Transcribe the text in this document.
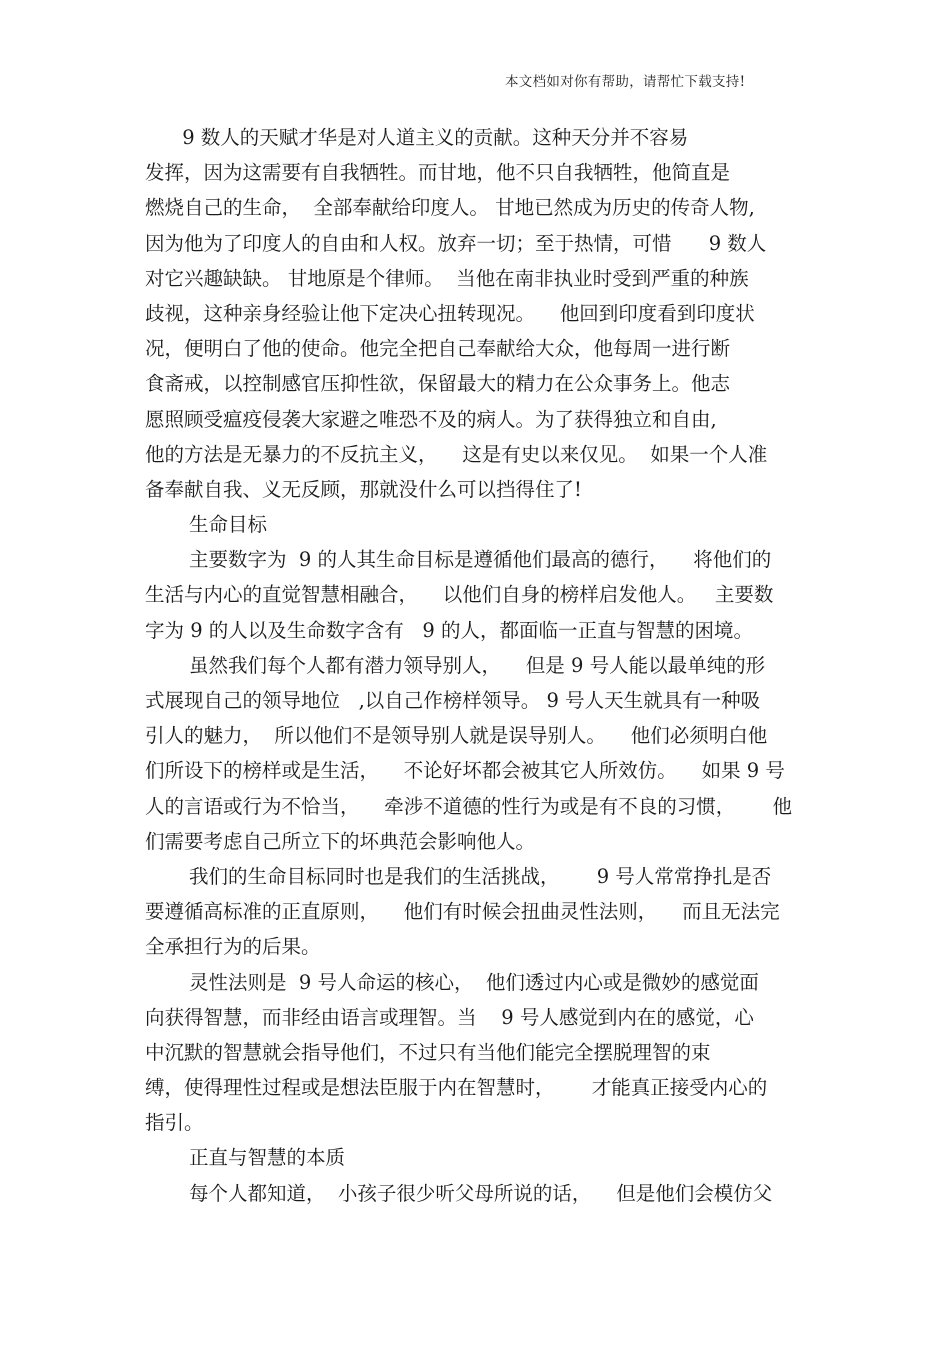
本文档如对你有帮助，请帮忙下载支持!
9 数人的天赋才华是对人道主义的贡献。这种天分并不容易
发挥，因为这需要有自我牺牲。而甘地，他不只自我牺牲，他简直是
燃烧自己的生命，  全部奉献给印度人。 甘地已然成为历史的传奇人物,
因为他为了印度人的自由和人权。放弃一切；至于热情，可惜      9 数人
对它兴趣缺缺。 甘地原是个律师。  当他在南非执业时受到严重的种族
歧视，这种亲身经验让他下定决心扭转现况。    他回到印度看到印度状
况，便明白了他的使命。他完全把自己奉献给大众，他每周一进行断
食斋戒，以控制感官压抑性欲，保留最大的精力在公众事务上。他志
愿照顾受瘟疫侵袭大家避之唯恐不及的病人。为了获得独立和自由,
他的方法是无暴力的不反抗主义，    这是有史以来仅见。  如果一个人准
备奉献自我、义无反顾，那就没什么可以挡得住了!
生命目标
主要数字为  9 的人其生命目标是遵循他们最高的德行，    将他们的
生活与内心的直觉智慧相融合，    以他们自身的榜样启发他人。   主要数
字为 9 的人以及生命数字含有   9 的人，都面临一正直与智慧的困境。
虽然我们每个人都有潜力领导别人，    但是 9 号人能以最单纯的形
式展现自己的领导地位   ,以自己作榜样领导。 9 号人天生就具有一种吸
引人的魅力，  所以他们不是领导别人就是误导别人。    他们必须明白他
们所设下的榜样或是生活，    不论好坏都会被其它人所效仿。    如果 9 号
人的言语或行为不恰当，    牵涉不道德的性行为或是有不良的习惯，      他
们需要考虑自己所立下的坏典范会影响他人。
我们的生命目标同时也是我们的生活挑战，      9 号人常常挣扎是否
要遵循高标准的正直原则，    他们有时候会扭曲灵性法则，    而且无法完
全承担行为的后果。
灵性法则是  9 号人命运的核心，  他们透过内心或是微妙的感觉面
向获得智慧，而非经由语言或理智。当    9 号人感觉到内在的感觉，心
中沉默的智慧就会指导他们，不过只有当他们能完全摆脱理智的束
缚，使得理性过程或是想法臣服于内在智慧时，      才能真正接受内心的
指引。
正直与智慧的本质
每个人都知道，  小孩子很少听父母所说的话，    但是他们会模仿父
